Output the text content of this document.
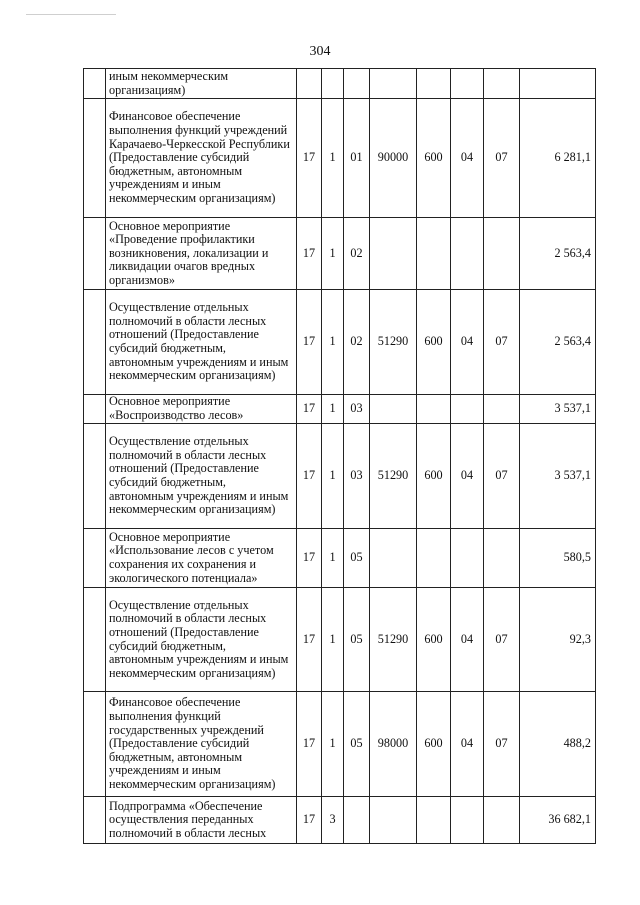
304
	иным некоммерческим организациям)								
	Финансовое обеспечение выполнения функций учреждений Карачаево-Черкесской Республики (Предоставление субсидий бюджетным, автономным учреждениям и иным некоммерческим организациям)	17	1	01	90000	600	04	07	6 281,1
	Основное мероприятие «Проведение профилактики возникновения, локализации и ликвидации очагов вредных организмов»	17	1	02					2 563,4
	Осуществление отдельных полномочий в области лесных отношений (Предоставление субсидий бюджетным, автономным учреждениям и иным некоммерческим организациям)	17	1	02	51290	600	04	07	2 563,4
	Основное мероприятие «Воспроизводство лесов»	17	1	03					3 537,1
	Осуществление отдельных полномочий в области лесных отношений (Предоставление субсидий бюджетным, автономным учреждениям и иным некоммерческим организациям)	17	1	03	51290	600	04	07	3 537,1
	Основное мероприятие «Использование лесов с учетом сохранения их сохранения и экологического потенциала»	17	1	05					580,5
	Осуществление отдельных полномочий в области лесных отношений (Предоставление субсидий бюджетным, автономным учреждениям и иным некоммерческим организациям)	17	1	05	51290	600	04	07	92,3
	Финансовое обеспечение выполнения функций государственных учреждений (Предоставление субсидий бюджетным, автономным учреждениям и иным некоммерческим организациям)	17	1	05	98000	600	04	07	488,2
	Подпрограмма «Обеспечение осуществления переданных полномочий в области лесных	17	3						36 682,1
